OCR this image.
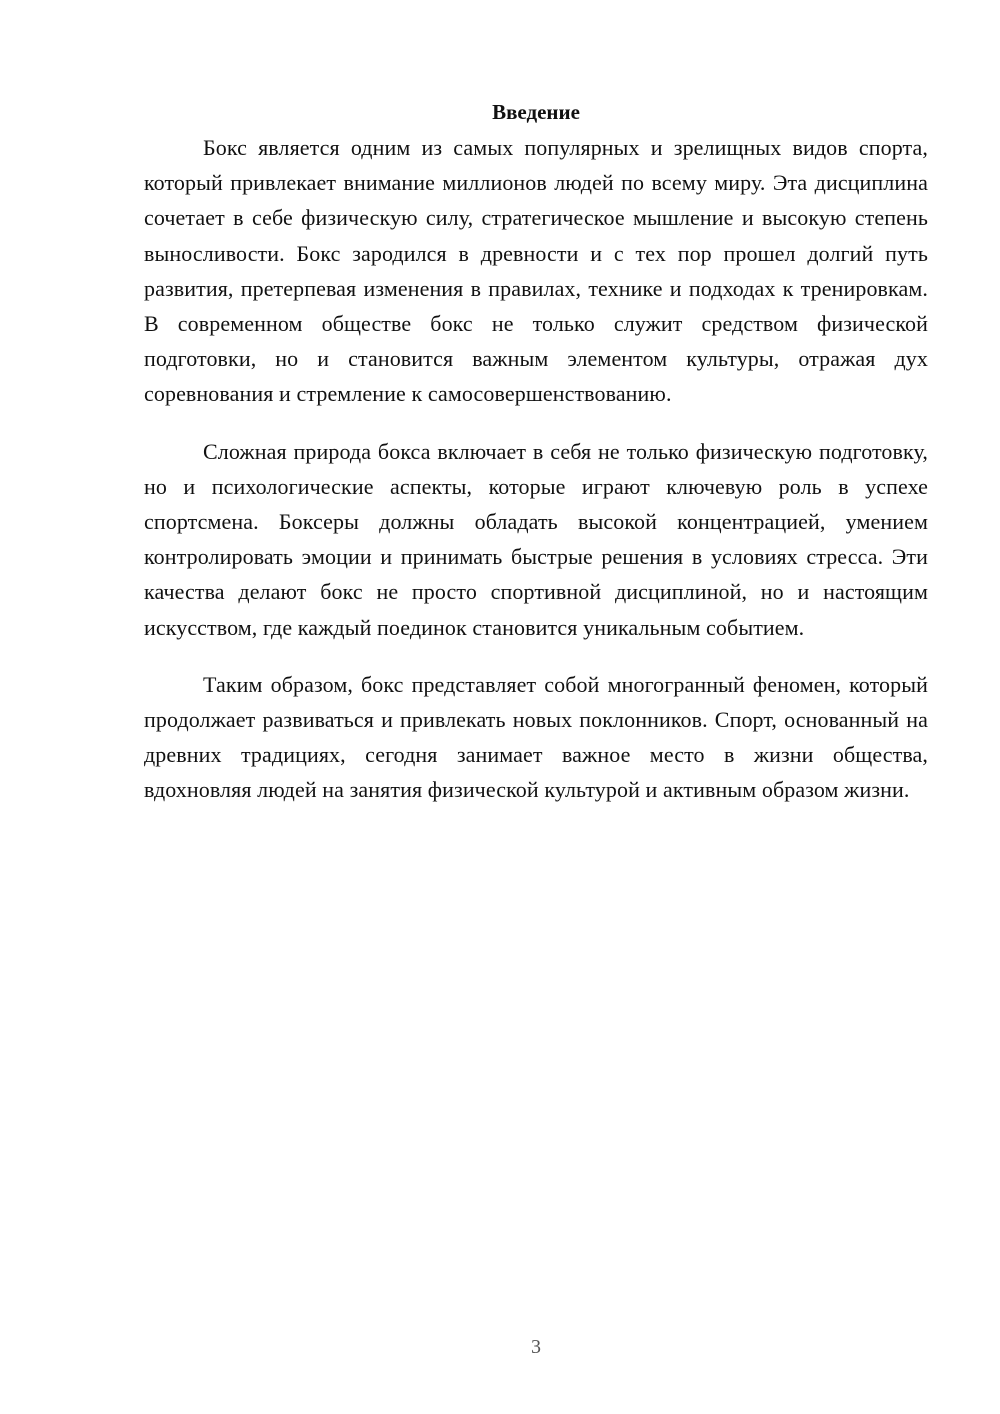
Введение

Бокс является одним из самых популярных и зрелищных видов спорта, который привлекает внимание миллионов людей по всему миру. Эта дисциплина сочетает в себе физическую силу, стратегическое мышление и высокую степень выносливости. Бокс зародился в древности и с тех пор прошел долгий путь развития, претерпевая изменения в правилах, технике и подходах к тренировкам. В современном обществе бокс не только служит средством физической подготовки, но и становится важным элементом культуры, отражая дух соревнования и стремление к самосовершенствованию.

Сложная природа бокса включает в себя не только физическую подготовку, но и психологические аспекты, которые играют ключевую роль в успехе спортсмена. Боксеры должны обладать высокой концентрацией, умением контролировать эмоции и принимать быстрые решения в условиях стресса. Эти качества делают бокс не просто спортивной дисциплиной, но и настоящим искусством, где каждый поединок становится уникальным событием.

Таким образом, бокс представляет собой многогранный феномен, который продолжает развиваться и привлекать новых поклонников. Спорт, основанный на древних традициях, сегодня занимает важное место в жизни общества, вдохновляя людей на занятия физической культурой и активным образом жизни.

3
